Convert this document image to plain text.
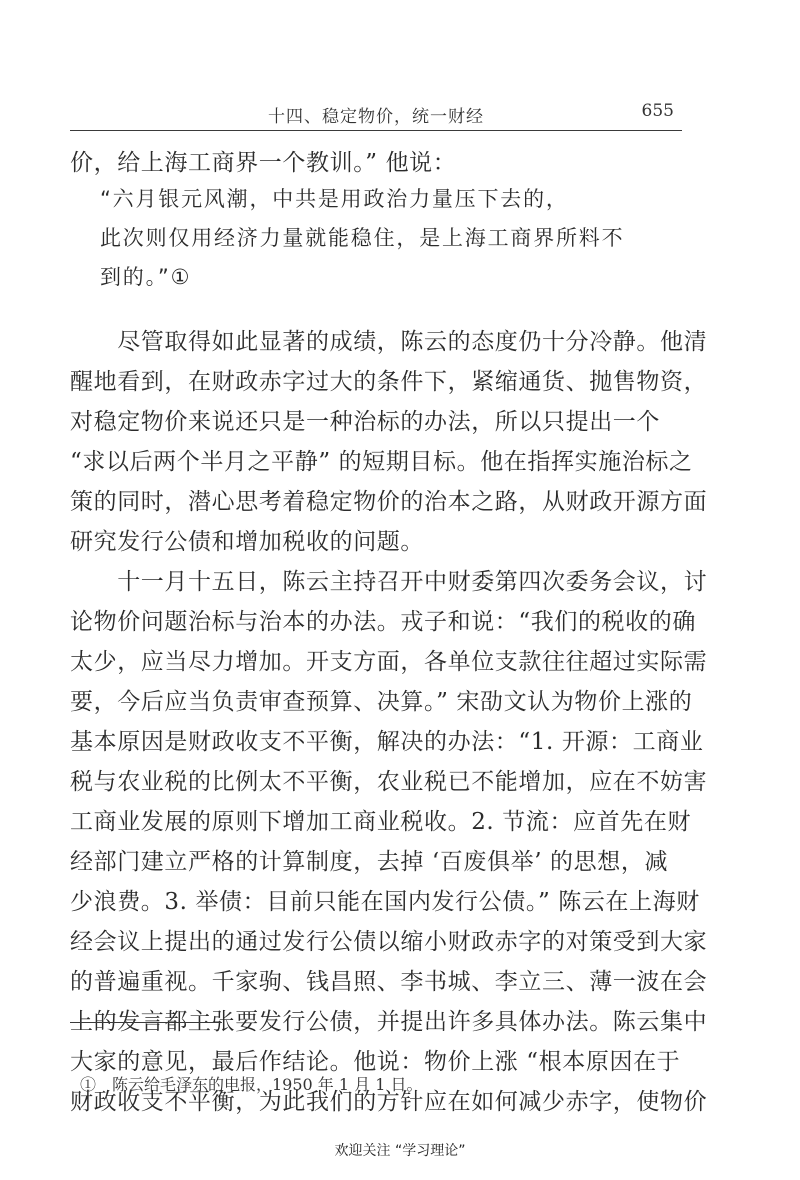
十四、稳定物价，统一财经	655
价，给上海工商界一个教训。” 他说：
“六月银元风潮，中共是用政治力量压下去的，
此次则仅用经济力量就能稳住，是上海工商界所料不
到的。”①
　　尽管取得如此显著的成绩，陈云的态度仍十分冷静。他清
醒地看到，在财政赤字过大的条件下，紧缩通货、抛售物资，
对稳定物价来说还只是一种治标的办法，所以只提出一个
“求以后两个半月之平静” 的短期目标。他在指挥实施治标之
策的同时，潜心思考着稳定物价的治本之路，从财政开源方面
研究发行公债和增加税收的问题。
　　十一月十五日，陈云主持召开中财委第四次委务会议，讨
论物价问题治标与治本的办法。戎子和说：“我们的税收的确
太少，应当尽力增加。开支方面，各单位支款往往超过实际需
要，今后应当负责审查预算、决算。” 宋劭文认为物价上涨的
基本原因是财政收支不平衡，解决的办法：“1. 开源：工商业
税与农业税的比例太不平衡，农业税已不能增加，应在不妨害
工商业发展的原则下增加工商业税收。2. 节流：应首先在财
经部门建立严格的计算制度，去掉 ‘百废俱举’ 的思想，减
少浪费。3. 举债：目前只能在国内发行公债。” 陈云在上海财
经会议上提出的通过发行公债以缩小财政赤字的对策受到大家
的普遍重视。千家驹、钱昌照、李书城、李立三、薄一波在会
上的发言都主张要发行公债，并提出许多具体办法。陈云集中
大家的意见，最后作结论。他说：物价上涨 “根本原因在于
财政收支不平衡，为此我们的方针应在如何减少赤字，使物价
①　陈云给毛泽东的电报，1950 年 1 月 1 日。
欢迎关注 “学习理论”
